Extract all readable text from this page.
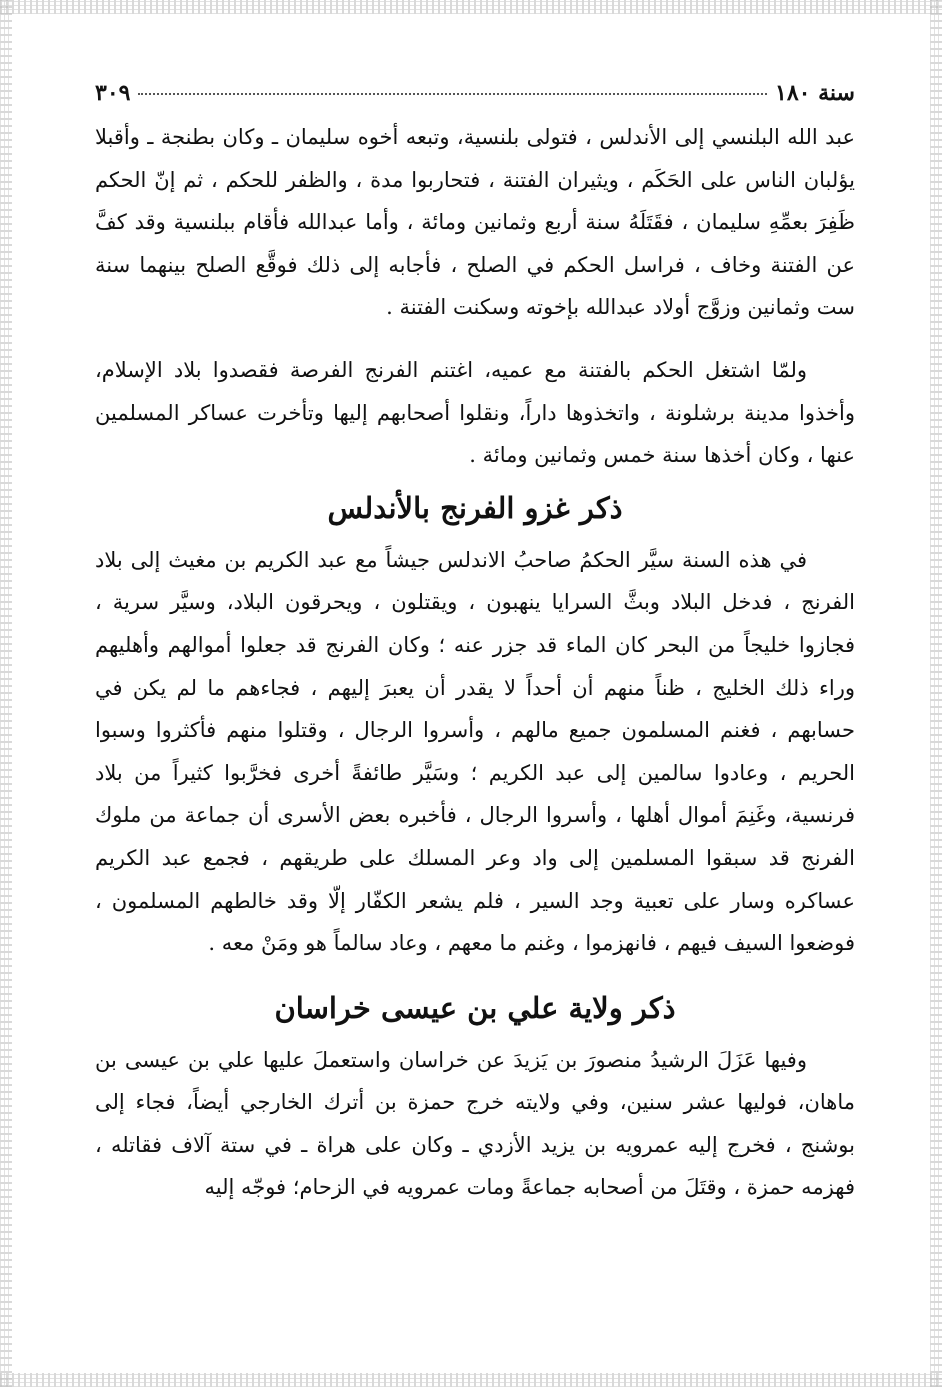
سنة ١٨٠
٣٠٩

عبد الله البلنسي إلى الأندلس ، فتولى بلنسية، وتبعه أخوه سليمان ـ وكان بطنجة ـ وأقبلا يؤلبان الناس على الحَكَم ، ويثيران الفتنة ، فتحاربوا مدة ، والظفر للحكم ، ثم إنّ الحكم ظَفِرَ بعمِّهِ سليمان ، فقَتَلَهُ سنة أربع وثمانين ومائة ، وأما عبدالله فأقام ببلنسية وقد كفَّ عن الفتنة وخاف ، فراسل الحكم في الصلح ، فأجابه إلى ذلك فوقَّع الصلح بينهما سنة ست وثمانين وزوَّج أولاد عبدالله بإخوته وسكنت الفتنة .

ولمّا اشتغل الحكم بالفتنة مع عميه، اغتنم الفرنج الفرصة فقصدوا بلاد الإسلام، وأخذوا مدينة برشلونة ، واتخذوها داراً، ونقلوا أصحابهم إليها وتأخرت عساكر المسلمين عنها ، وكان أخذها سنة خمس وثمانين ومائة .

ذكر غزو الفرنج بالأندلس

في هذه السنة سيَّر الحكمُ صاحبُ الاندلس جيشاً مع عبد الكريم بن مغيث إلى بلاد الفرنج ، فدخل البلاد وبثَّ السرايا ينهبون ، ويقتلون ، ويحرقون البلاد، وسيَّر سرية ، فجازوا خليجاً من البحر كان الماء قد جزر عنه ؛ وكان الفرنج قد جعلوا أموالهم وأهليهم وراء ذلك الخليج ، ظناً منهم أن أحداً لا يقدر أن يعبرَ إليهم ، فجاءهم ما لم يكن في حسابهم ، فغنم المسلمون جميع مالهم ، وأسروا الرجال ، وقتلوا منهم فأكثروا وسبوا الحريم ، وعادوا سالمين إلى عبد الكريم ؛ وسَيَّر طائفةً أخرى فخرَّبوا كثيراً من بلاد فرنسية، وغَنِمَ أموال أهلها ، وأسروا الرجال ، فأخبره بعض الأسرى أن جماعة من ملوك الفرنج قد سبقوا المسلمين إلى واد وعر المسلك على طريقهم ، فجمع عبد الكريم عساكره وسار على تعبية وجد السير ، فلم يشعر الكفّار إلّا وقد خالطهم المسلمون ، فوضعوا السيف فيهم ، فانهزموا ، وغنم ما معهم ، وعاد سالماً هو ومَنْ معه .

ذكر ولاية علي بن عيسى خراسان

وفيها عَزَلَ الرشيدُ منصورَ بن يَزيدَ عن خراسان واستعملَ عليها علي بن عيسى بن ماهان، فوليها عشر سنين، وفي ولايته خرج حمزة بن أترك الخارجي أيضاً، فجاء إلى بوشنج ، فخرج إليه عمرويه بن يزيد الأزدي ـ وكان على هراة ـ في ستة آلاف فقاتله ، فهزمه حمزة ، وقتَلَ من أصحابه جماعةً ومات عمرويه في الزحام؛ فوجّه إليه
